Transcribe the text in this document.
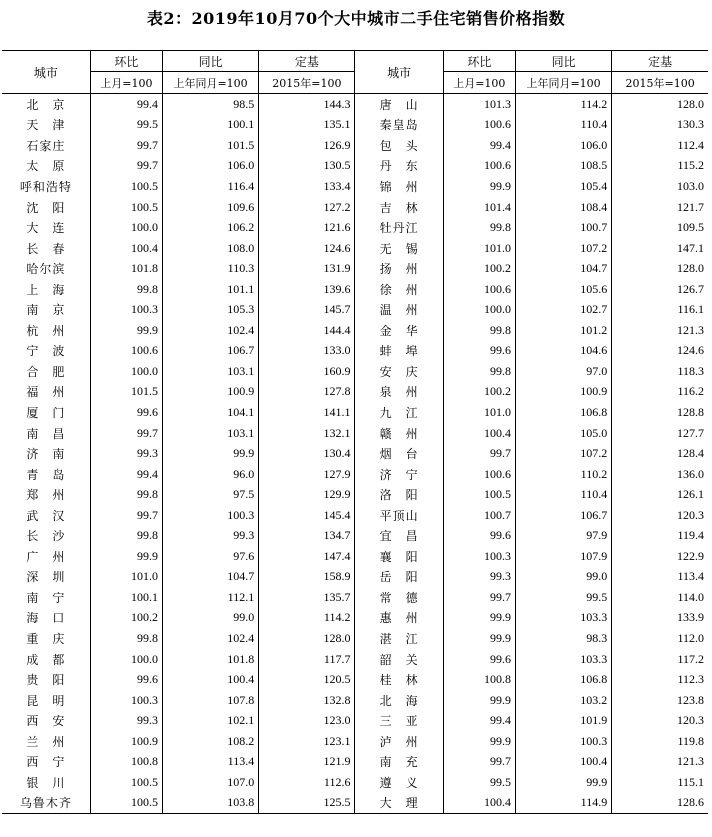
表2：2019年10月70个大中城市二手住宅销售价格指数
城市	环比	同比	定基	城市	环比	同比	定基
	上月=100	上年同月=100	2015年=100		上月=100	上年同月=100	2015年=100
北　京	99.4	98.5	144.3	唐　山	101.3	114.2	128.0
天　津	99.5	100.1	135.1	秦皇岛	100.6	110.4	130.3
石家庄	99.7	101.5	126.9	包　头	99.4	106.0	112.4
太　原	99.7	106.0	130.5	丹　东	100.6	108.5	115.2
呼和浩特	100.5	116.4	133.4	锦　州	99.9	105.4	103.0
沈　阳	100.5	109.6	127.2	吉　林	101.4	108.4	121.7
大　连	100.0	106.2	121.6	牡丹江	99.8	100.7	109.5
长　春	100.4	108.0	124.6	无　锡	101.0	107.2	147.1
哈尔滨	101.8	110.3	131.9	扬　州	100.2	104.7	128.0
上　海	99.8	101.1	139.6	徐　州	100.6	105.6	126.7
南　京	100.3	105.3	145.7	温　州	100.0	102.7	116.1
杭　州	99.9	102.4	144.4	金　华	99.8	101.2	121.3
宁　波	100.6	106.7	133.0	蚌　埠	99.6	104.6	124.6
合　肥	100.0	103.1	160.9	安　庆	99.8	97.0	118.3
福　州	101.5	100.9	127.8	泉　州	100.2	100.9	116.2
厦　门	99.6	104.1	141.1	九　江	101.0	106.8	128.8
南　昌	99.7	103.1	132.1	赣　州	100.4	105.0	127.7
济　南	99.3	99.9	130.4	烟　台	99.7	107.2	128.4
青　岛	99.4	96.0	127.9	济　宁	100.6	110.2	136.0
郑　州	99.8	97.5	129.9	洛　阳	100.5	110.4	126.1
武　汉	99.7	100.3	145.4	平顶山	100.7	106.7	120.3
长　沙	99.8	99.3	134.7	宜　昌	99.6	97.9	119.4
广　州	99.9	97.6	147.4	襄　阳	100.3	107.9	122.9
深　圳	101.0	104.7	158.9	岳　阳	99.3	99.0	113.4
南　宁	100.1	112.1	135.7	常　德	99.7	99.5	114.0
海　口	100.2	99.0	114.2	惠　州	99.9	103.3	133.9
重　庆	99.8	102.4	128.0	湛　江	99.9	98.3	112.0
成　都	100.0	101.8	117.7	韶　关	99.6	103.3	117.2
贵　阳	99.6	100.4	120.5	桂　林	100.8	106.8	112.3
昆　明	100.3	107.8	132.8	北　海	99.9	103.2	123.8
西　安	99.3	102.1	123.0	三　亚	99.4	101.9	120.3
兰　州	100.9	108.2	123.1	泸　州	99.9	100.3	119.8
西　宁	100.8	113.4	121.9	南　充	99.7	100.4	121.3
银　川	100.5	107.0	112.6	遵　义	99.5	99.9	115.1
乌鲁木齐	100.5	103.8	125.5	大　理	100.4	114.9	128.6
